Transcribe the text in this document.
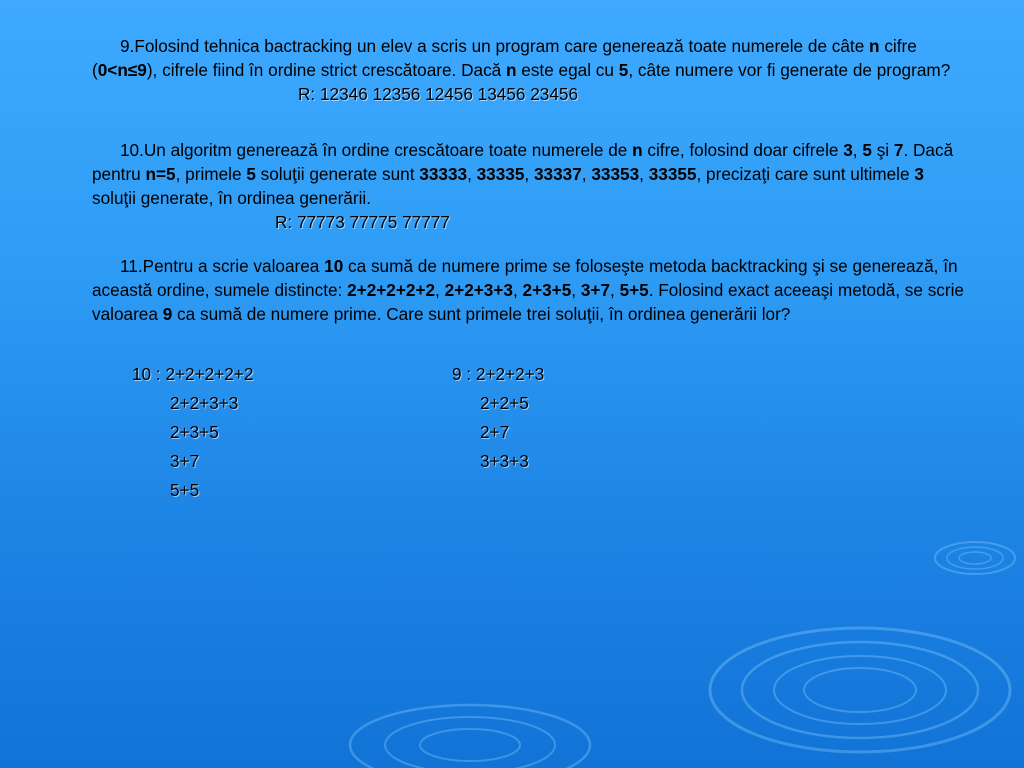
9.Folosind tehnica bactracking un elev a scris un program care generează toate numerele de câte n cifre (0<n≤9), cifrele fiind în ordine strict crescătoare. Dacă n este egal cu 5, câte numere vor fi generate de program?

R: 12346 12356 12456 13456 23456

10.Un algoritm generează în ordine crescătoare toate numerele de n cifre, folosind doar cifrele 3, 5 şi 7. Dacă pentru n=5, primele 5 soluţii generate sunt 33333, 33335, 33337, 33353, 33355, precizaţi care sunt ultimele 3 soluţii generate, în ordinea generării.

R: 77773 77775 77777

11.Pentru a scrie valoarea 10 ca sumă de numere prime se foloseşte metoda backtracking şi se generează, în această ordine, sumele distincte: 2+2+2+2+2, 2+2+3+3, 2+3+5, 3+7, 5+5. Folosind exact aceeaşi metodă, se scrie valoarea 9 ca sumă de numere prime. Care sunt primele trei soluţii, în ordinea generării lor?

10 : 2+2+2+2+2
2+2+3+3
2+3+5
3+7
5+5
9 : 2+2+2+3
2+2+5
2+7
3+3+3
